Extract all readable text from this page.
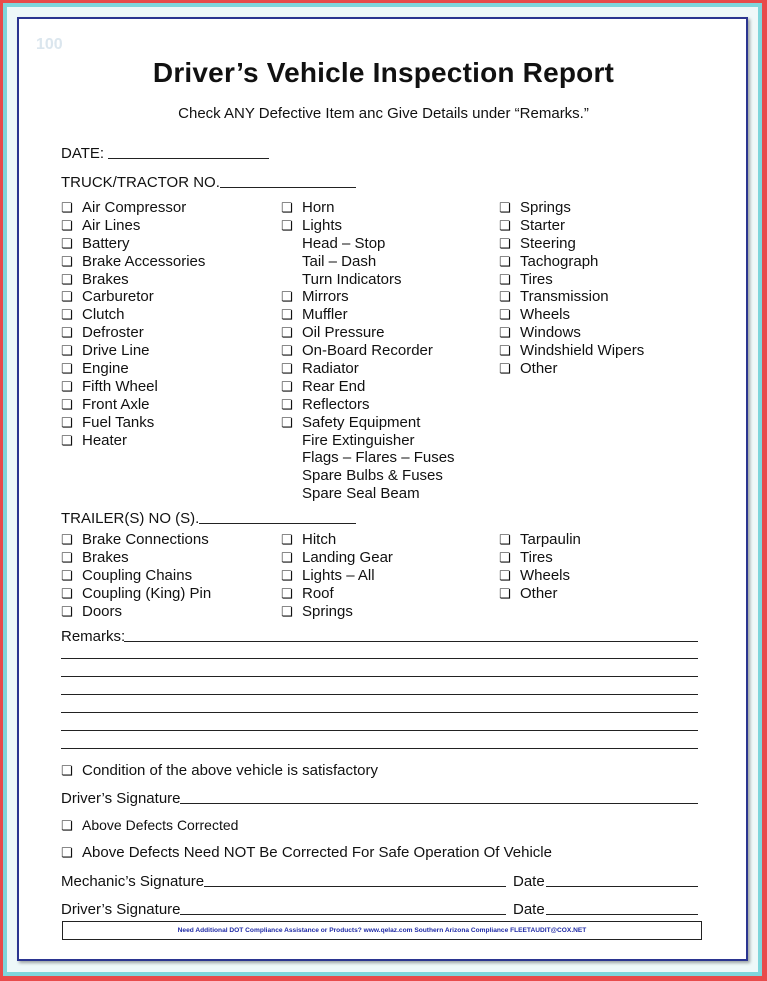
100
Driver’s Vehicle Inspection Report
Check ANY Defective Item anc Give Details under “Remarks.”
DATE:
TRUCK/TRACTOR NO.
❏ Air Compressor
❏ Air Lines
❏ Battery
❏ Brake Accessories
❏ Brakes
❏ Carburetor
❏ Clutch
❏ Defroster
❏ Drive Line
❏ Engine
❏ Fifth Wheel
❏ Front Axle
❏ Fuel Tanks
❏ Heater
❏ Horn
❏ Lights
Head – Stop
Tail – Dash
Turn Indicators
❏ Mirrors
❏ Muffler
❏ Oil Pressure
❏ On-Board Recorder
❏ Radiator
❏ Rear End
❏ Reflectors
❏ Safety Equipment
Fire Extinguisher
Flags – Flares – Fuses
Spare Bulbs & Fuses
Spare Seal Beam
❏ Springs
❏ Starter
❏ Steering
❏ Tachograph
❏ Tires
❏ Transmission
❏ Wheels
❏ Windows
❏ Windshield Wipers
❏ Other
TRAILER(S) NO (S).
❏ Brake Connections
❏ Brakes
❏ Coupling Chains
❏ Coupling (King) Pin
❏ Doors
❏ Hitch
❏ Landing Gear
❏ Lights – All
❏ Roof
❏ Springs
❏ Tarpaulin
❏ Tires
❏ Wheels
❏ Other
Remarks:
❏ Condition of the above vehicle is satisfactory
Driver’s Signature
❏ Above Defects Corrected
❏ Above Defects Need NOT Be Corrected For Safe Operation Of Vehicle
Mechanic’s Signature	Date
Driver’s Signature	Date
Need Additional DOT Compliance Assistance or Products? www.qelaz.com Southern Arizona Compliance FLEETAUDIT@COX.NET
